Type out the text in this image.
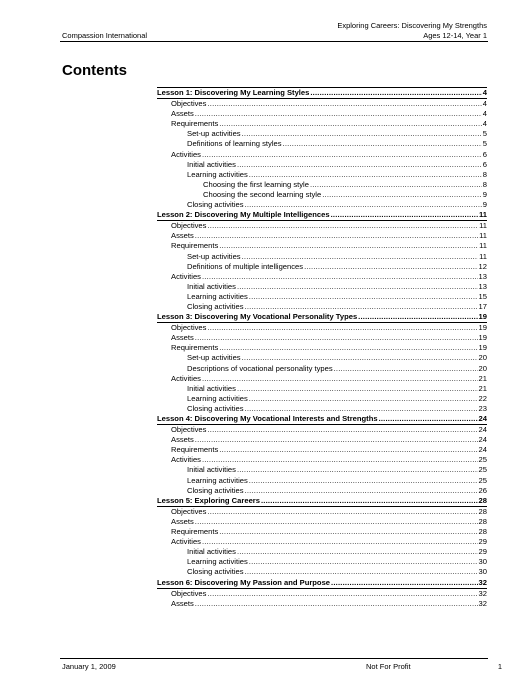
Exploring Careers: Discovering My Strengths
Ages 12-14, Year 1
Compassion International
Contents
Lesson 1: Discovering My Learning Styles .....	4
Objectives .....	4
Assets .....	4
Requirements .....	4
Set-up activities .....	5
Definitions of learning styles .....	5
Activities .....	6
Initial activities .....	6
Learning activities .....	8
Choosing the first learning style .....	8
Choosing the second learning style .....	9
Closing activities .....	9
Lesson 2: Discovering My Multiple Intelligences .....	11
Objectives .....	11
Assets .....	11
Requirements .....	11
Set-up activities .....	11
Definitions of multiple intelligences .....	12
Activities .....	13
Initial activities .....	13
Learning activities .....	15
Closing activities .....	17
Lesson 3: Discovering My Vocational Personality Types .....	19
Objectives .....	19
Assets .....	19
Requirements .....	19
Set-up activities .....	20
Descriptions of vocational personality types .....	20
Activities .....	21
Initial activities .....	21
Learning activities .....	22
Closing activities .....	23
Lesson 4: Discovering My Vocational Interests and Strengths .....	24
Objectives .....	24
Assets .....	24
Requirements .....	24
Activities .....	25
Initial activities .....	25
Learning activities .....	25
Closing activities .....	26
Lesson 5: Exploring Careers .....	28
Objectives .....	28
Assets .....	28
Requirements .....	28
Activities .....	29
Initial activities .....	29
Learning activities .....	30
Closing activities .....	30
Lesson 6: Discovering My Passion and Purpose .....	32
Objectives .....	32
Assets .....	32
January 1, 2009	Not For Profit	1
